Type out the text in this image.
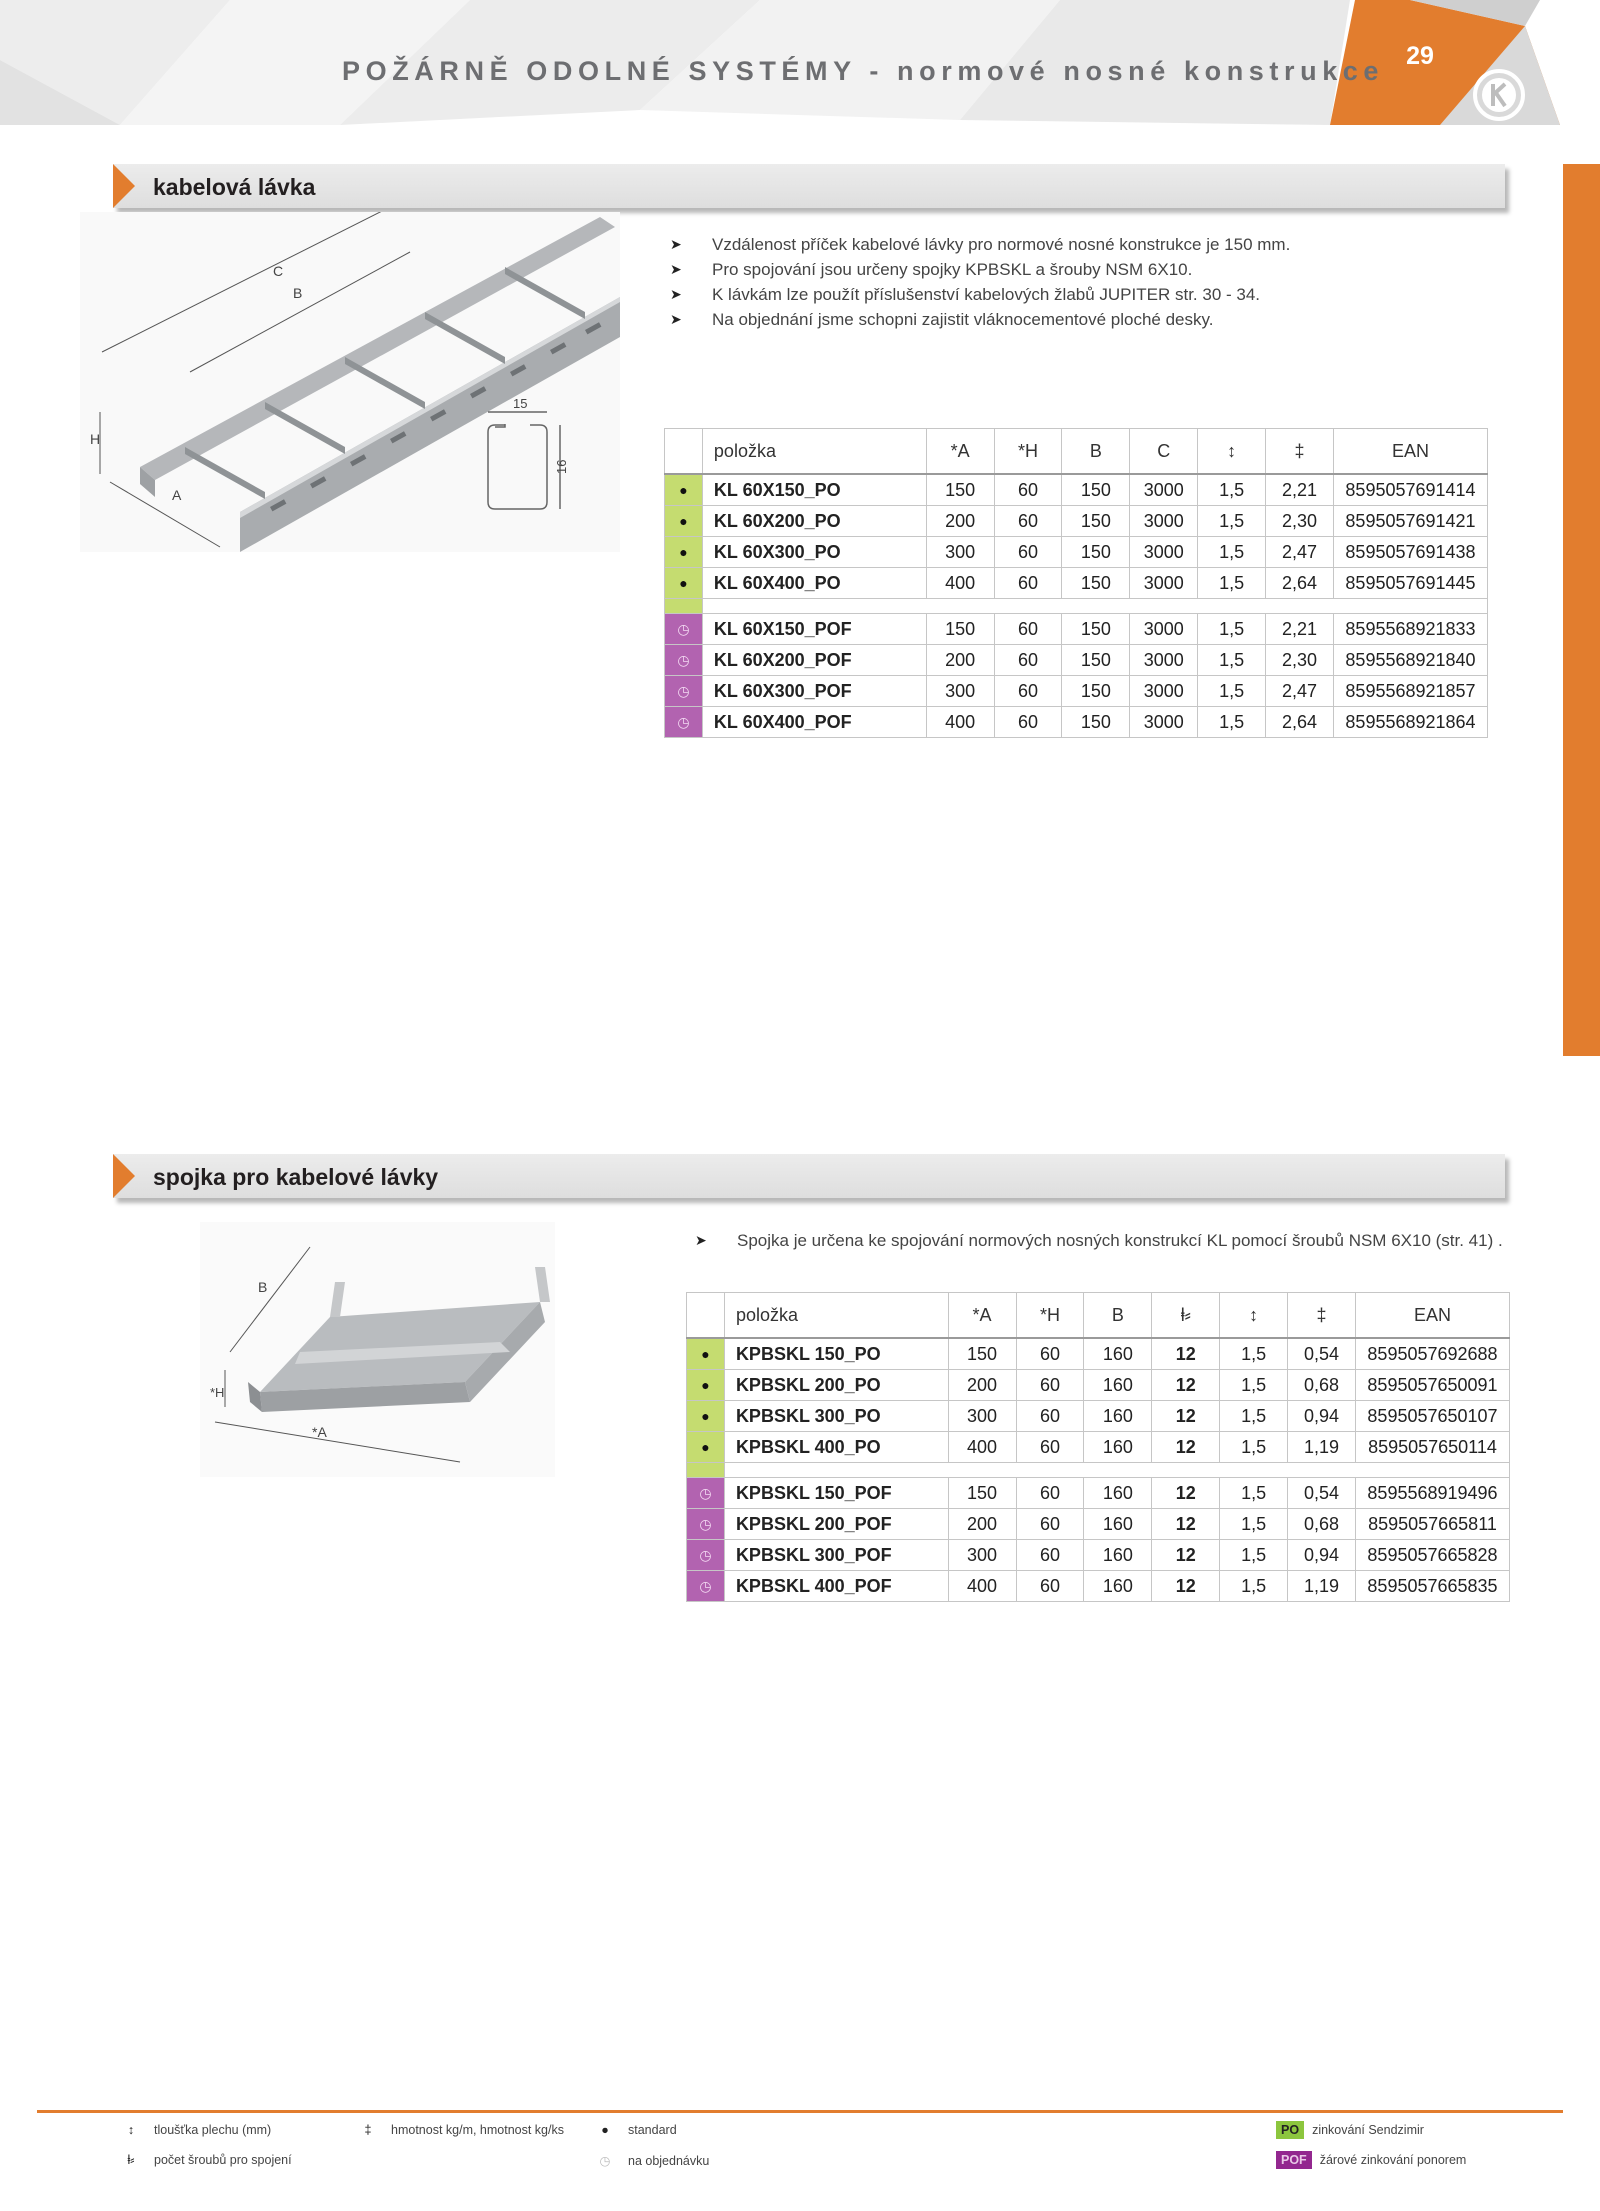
POŽÁRNĚ ODOLNÉ SYSTÉMY - normové nosné konstrukce 29
kabelová lávka
C
B
H
A
15
16
➤ Vzdálenost příček kabelové lávky pro normové nosné konstrukce je 150 mm.
➤ Pro spojování jsou určeny spojky KPBSKL a šrouby NSM 6X10.
➤ K lávkám lze použít příslušenství kabelových žlabů JUPITER str. 30 - 34.
➤ Na objednání jsme schopni zajistit vláknocementové ploché desky.
	položka	*A	*H	B	C	↕	‡	EAN
●	KL 60X150_PO	150	60	150	3000	1,5	2,21	8595057691414
●	KL 60X200_PO	200	60	150	3000	1,5	2,30	8595057691421
●	KL 60X300_PO	300	60	150	3000	1,5	2,47	8595057691438
●	KL 60X400_PO	400	60	150	3000	1,5	2,64	8595057691445

◷	KL 60X150_POF	150	60	150	3000	1,5	2,21	8595568921833
◷	KL 60X200_POF	200	60	150	3000	1,5	2,30	8595568921840
◷	KL 60X300_POF	300	60	150	3000	1,5	2,47	8595568921857
◷	KL 60X400_POF	400	60	150	3000	1,5	2,64	8595568921864
spojka pro kabelové lávky
B
*H
*A
➤ Spojka je určena ke spojování normových nosných konstrukcí KL pomocí šroubů NSM 6X10 (str. 41) .
	položka	*A	*H	B	ⱡ⸗	↕	‡	EAN
●	KPBSKL 150_PO	150	60	160	12	1,5	0,54	8595057692688
●	KPBSKL 200_PO	200	60	160	12	1,5	0,68	8595057650091
●	KPBSKL 300_PO	300	60	160	12	1,5	0,94	8595057650107
●	KPBSKL 400_PO	400	60	160	12	1,5	1,19	8595057650114

◷	KPBSKL 150_POF	150	60	160	12	1,5	0,54	8595568919496
◷	KPBSKL 200_POF	200	60	160	12	1,5	0,68	8595057665811
◷	KPBSKL 300_POF	300	60	160	12	1,5	0,94	8595057665828
◷	KPBSKL 400_POF	400	60	160	12	1,5	1,19	8595057665835
↕ tloušťka plechu (mm)	‡ hmotnost kg/m, hmotnost kg/ks	● standard
ⱡ⸗ počet šroubů pro spojení	◷ na objednávku
PO zinkování Sendzimir
POF žárové zinkování ponorem
